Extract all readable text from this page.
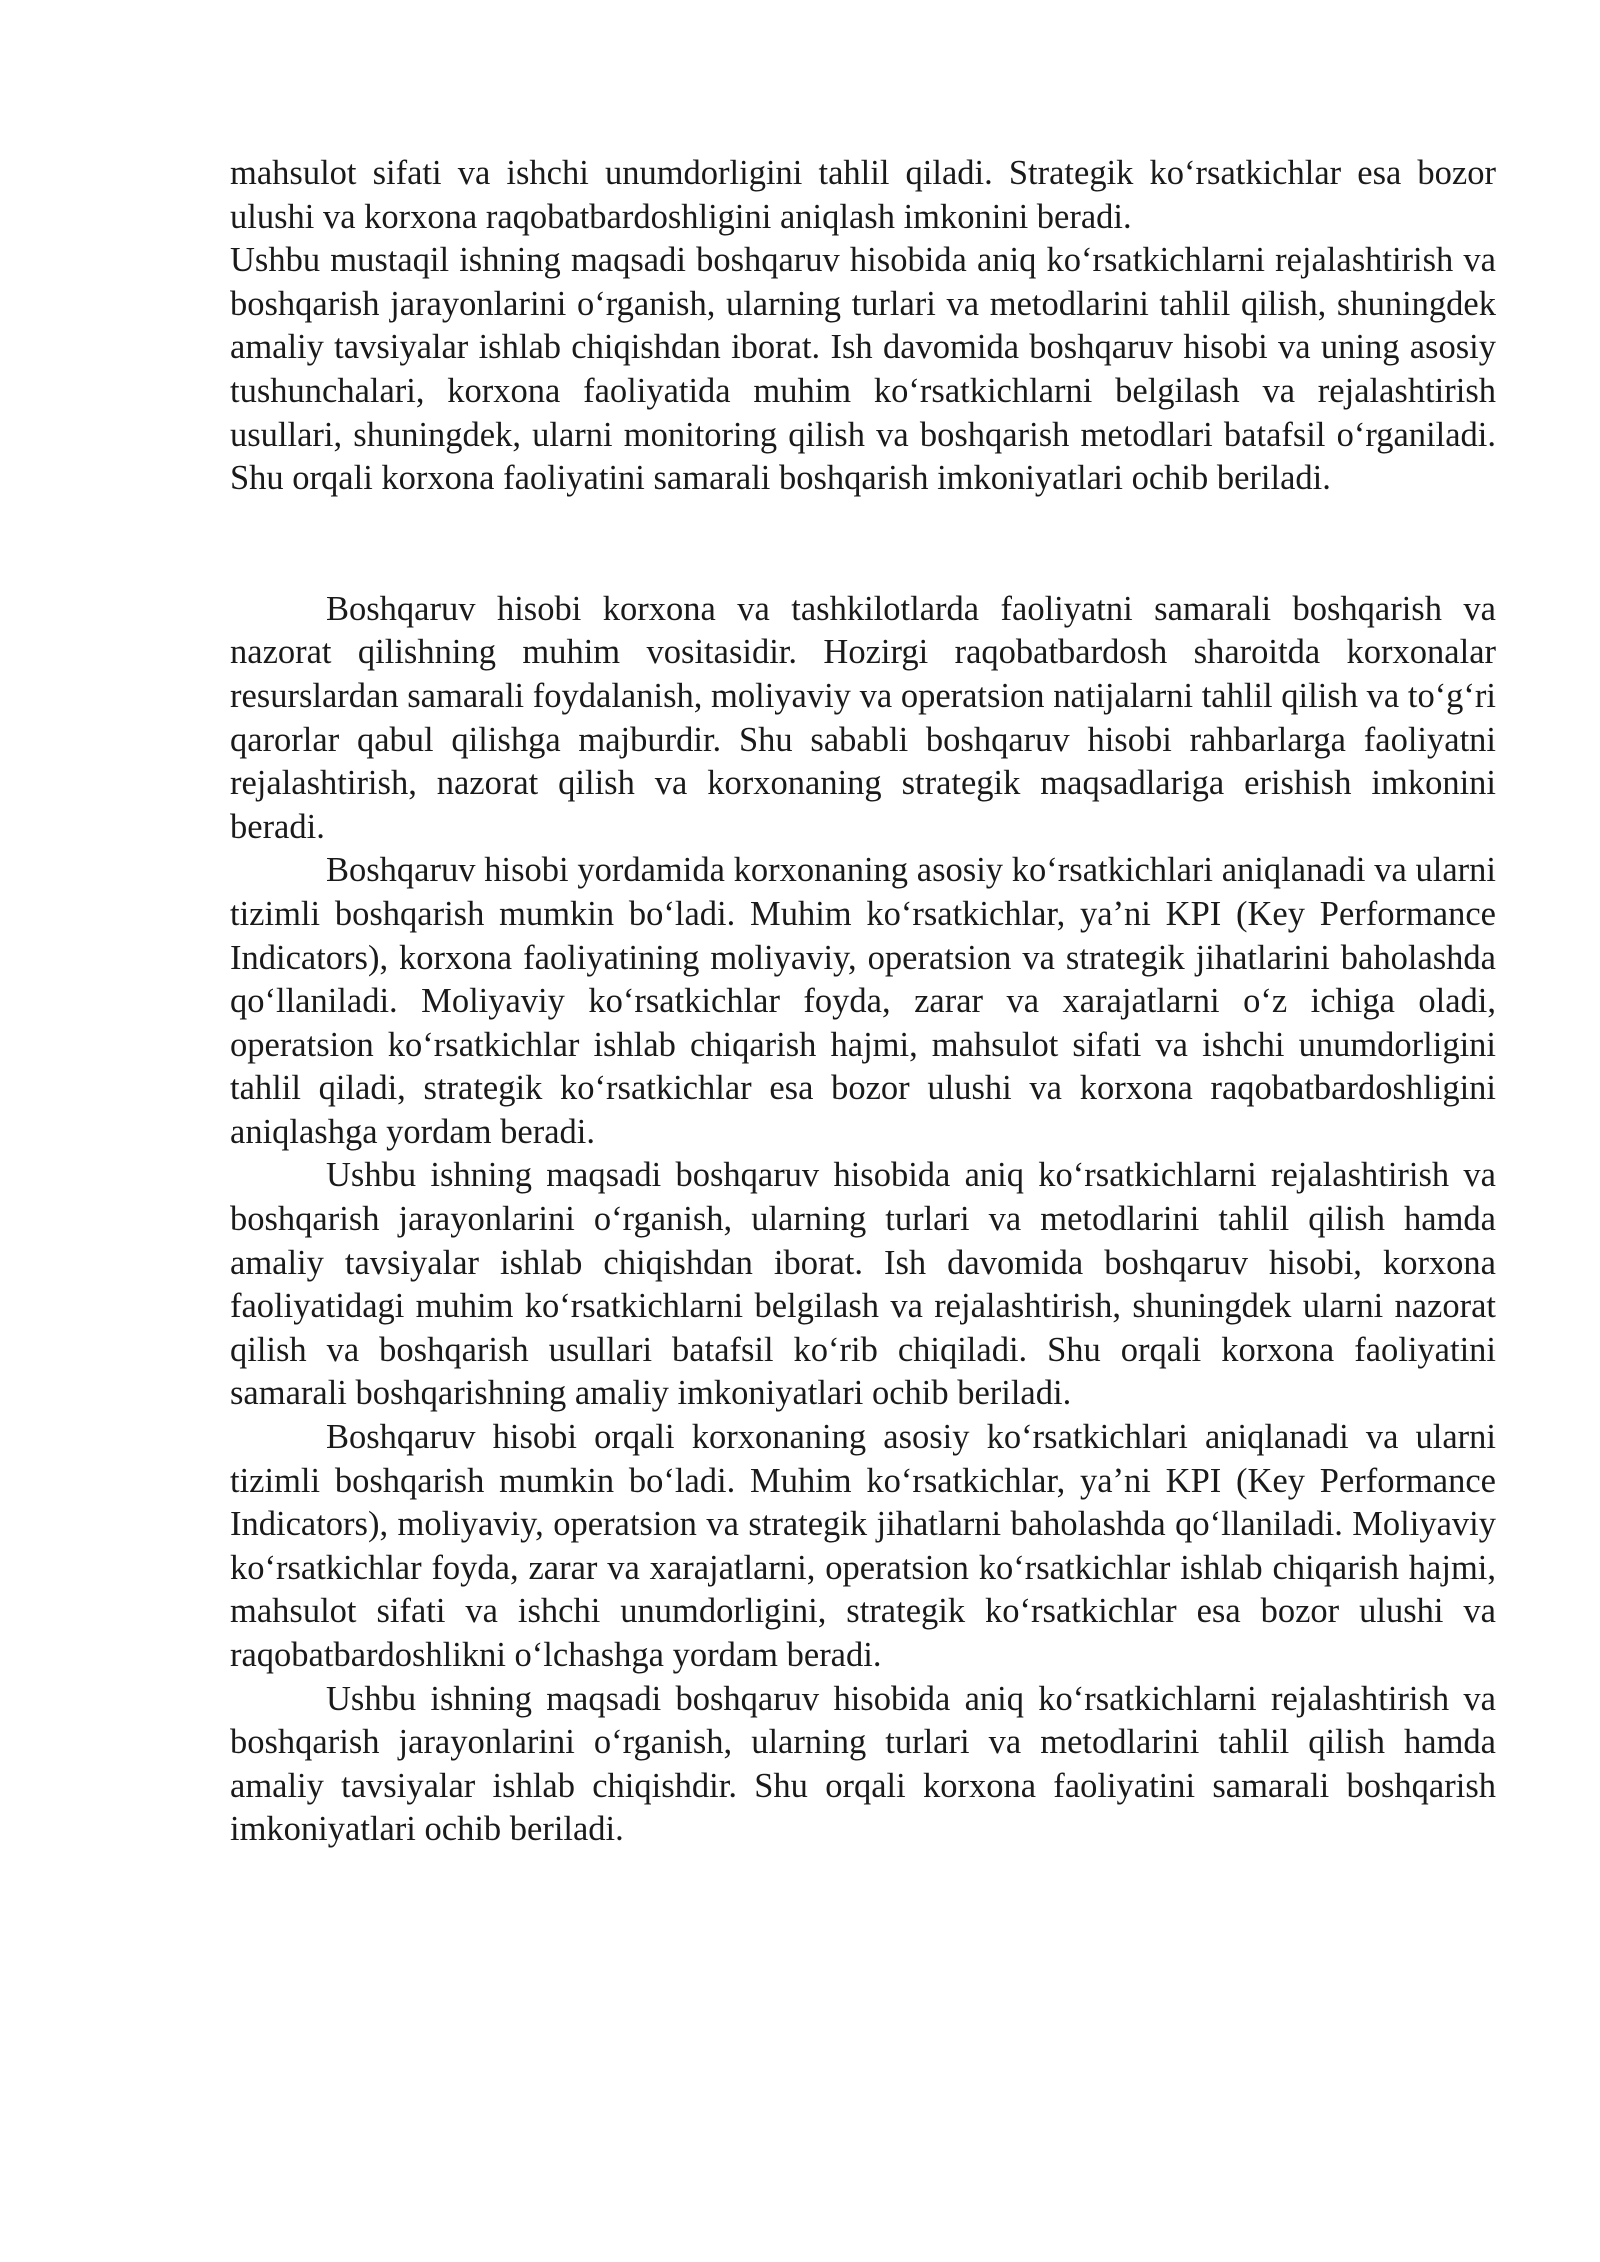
mahsulot sifati va ishchi unumdorligini tahlil qiladi. Strategik koʻrsatkichlar esa bozor ulushi va korxona raqobatbardoshligini aniqlash imkonini beradi.

Ushbu mustaqil ishning maqsadi boshqaruv hisobida aniq koʻrsatkichlarni rejalashtirish va boshqarish jarayonlarini oʻrganish, ularning turlari va metodlarini tahlil qilish, shuningdek amaliy tavsiyalar ishlab chiqishdan iborat. Ish davomida boshqaruv hisobi va uning asosiy tushunchalari, korxona faoliyatida muhim koʻrsatkichlarni belgilash va rejalashtirish usullari, shuningdek, ularni monitoring qilish va boshqarish metodlari batafsil oʻrganiladi. Shu orqali korxona faoliyatini samarali boshqarish imkoniyatlari ochib beriladi.

Boshqaruv hisobi korxona va tashkilotlarda faoliyatni samarali boshqarish va nazorat qilishning muhim vositasidir. Hozirgi raqobatbardosh sharoitda korxonalar resurslardan samarali foydalanish, moliyaviy va operatsion natijalarni tahlil qilish va toʻgʻri qarorlar qabul qilishga majburdir. Shu sababli boshqaruv hisobi rahbarlarga faoliyatni rejalashtirish, nazorat qilish va korxonaning strategik maqsadlariga erishish imkonini beradi.

Boshqaruv hisobi yordamida korxonaning asosiy koʻrsatkichlari aniqlanadi va ularni tizimli boshqarish mumkin boʻladi. Muhim koʻrsatkichlar, yaʼni KPI (Key Performance Indicators), korxona faoliyatining moliyaviy, operatsion va strategik jihatlarini baholashda qoʻllaniladi. Moliyaviy koʻrsatkichlar foyda, zarar va xarajatlarni oʻz ichiga oladi, operatsion koʻrsatkichlar ishlab chiqarish hajmi, mahsulot sifati va ishchi unumdorligini tahlil qiladi, strategik koʻrsatkichlar esa bozor ulushi va korxona raqobatbardoshligini aniqlashga yordam beradi.

Ushbu ishning maqsadi boshqaruv hisobida aniq koʻrsatkichlarni rejalashtirish va boshqarish jarayonlarini oʻrganish, ularning turlari va metodlarini tahlil qilish hamda amaliy tavsiyalar ishlab chiqishdan iborat. Ish davomida boshqaruv hisobi, korxona faoliyatidagi muhim koʻrsatkichlarni belgilash va rejalashtirish, shuningdek ularni nazorat qilish va boshqarish usullari batafsil koʻrib chiqiladi. Shu orqali korxona faoliyatini samarali boshqarishning amaliy imkoniyatlari ochib beriladi.

Boshqaruv hisobi orqali korxonaning asosiy koʻrsatkichlari aniqlanadi va ularni tizimli boshqarish mumkin boʻladi. Muhim koʻrsatkichlar, yaʼni KPI (Key Performance Indicators), moliyaviy, operatsion va strategik jihatlarni baholashda qoʻllaniladi. Moliyaviy koʻrsatkichlar foyda, zarar va xarajatlarni, operatsion koʻrsatkichlar ishlab chiqarish hajmi, mahsulot sifati va ishchi unumdorligini, strategik koʻrsatkichlar esa bozor ulushi va raqobatbardoshlikni oʻlchashga yordam beradi.

Ushbu ishning maqsadi boshqaruv hisobida aniq koʻrsatkichlarni rejalashtirish va boshqarish jarayonlarini oʻrganish, ularning turlari va metodlarini tahlil qilish hamda amaliy tavsiyalar ishlab chiqishdir. Shu orqali korxona faoliyatini samarali boshqarish imkoniyatlari ochib beriladi.
